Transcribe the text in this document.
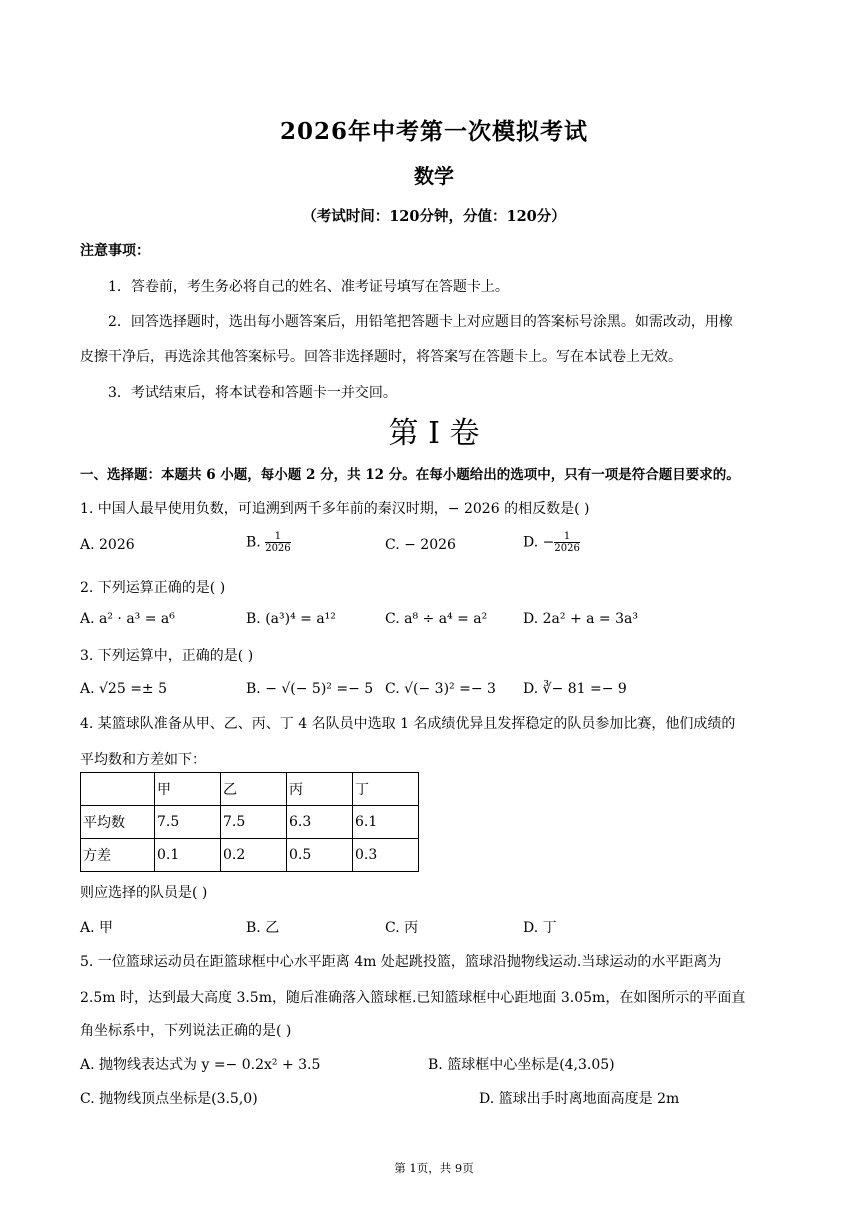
2026年中考第一次模拟考试
数学
（考试时间：120分钟，分值：120分）
注意事项：
1．答卷前，考生务必将自己的姓名、准考证号填写在答题卡上。
2．回答选择题时，选出每小题答案后，用铅笔把答题卡上对应题目的答案标号涂黑。如需改动，用橡
皮擦干净后，再选涂其他答案标号。回答非选择题时，将答案写在答题卡上。写在本试卷上无效。
3．考试结束后，将本试卷和答题卡一并交回。
第 I 卷
一、选择题：本题共 6 小题，每小题 2 分，共 12 分。在每小题给出的选项中，只有一项是符合题目要求的。
1. 中国人最早使用负数，可追溯到两千多年前的秦汉时期，− 2026 的相反数是( )
A. 2026	B. $\frac{1}{2026}$	C. − 2026	D. − $\frac{1}{2026}$
2. 下列运算正确的是( )
A. a² · a³ = a⁶	B. (a³)⁴ = a¹²	C. a⁸ ÷ a⁴ = a²	D. 2a² + a = 3a³
3. 下列运算中，正确的是( )
A. √25 =± 5	B. − √(− 5)² =− 5 C. √(− 3)² =− 3 D. ∛− 81 =− 9
4. 某篮球队准备从甲、乙、丙、丁 4 名队员中选取 1 名成绩优异且发挥稳定的队员参加比赛，他们成绩的
平均数和方差如下：
	甲	乙	丙	丁
平均数	7.5	7.5	6.3	6.1
方差	0.1	0.2	0.5	0.3
则应选择的队员是( )
A. 甲	B. 乙	C. 丙	D. 丁
5. 一位篮球运动员在距篮球框中心水平距离 4m 处起跳投篮，篮球沿抛物线运动.当球运动的水平距离为
2.5m 时，达到最大高度 3.5m，随后准确落入篮球框.已知篮球框中心距地面 3.05m，在如图所示的平面直
角坐标系中，下列说法正确的是( )
A. 抛物线表达式为 y =− 0.2x² + 3.5	B. 篮球框中心坐标是(4,3.05)
C. 抛物线顶点坐标是(3.5,0)	D. 篮球出手时离地面高度是 2m
第 1页，共 9页
